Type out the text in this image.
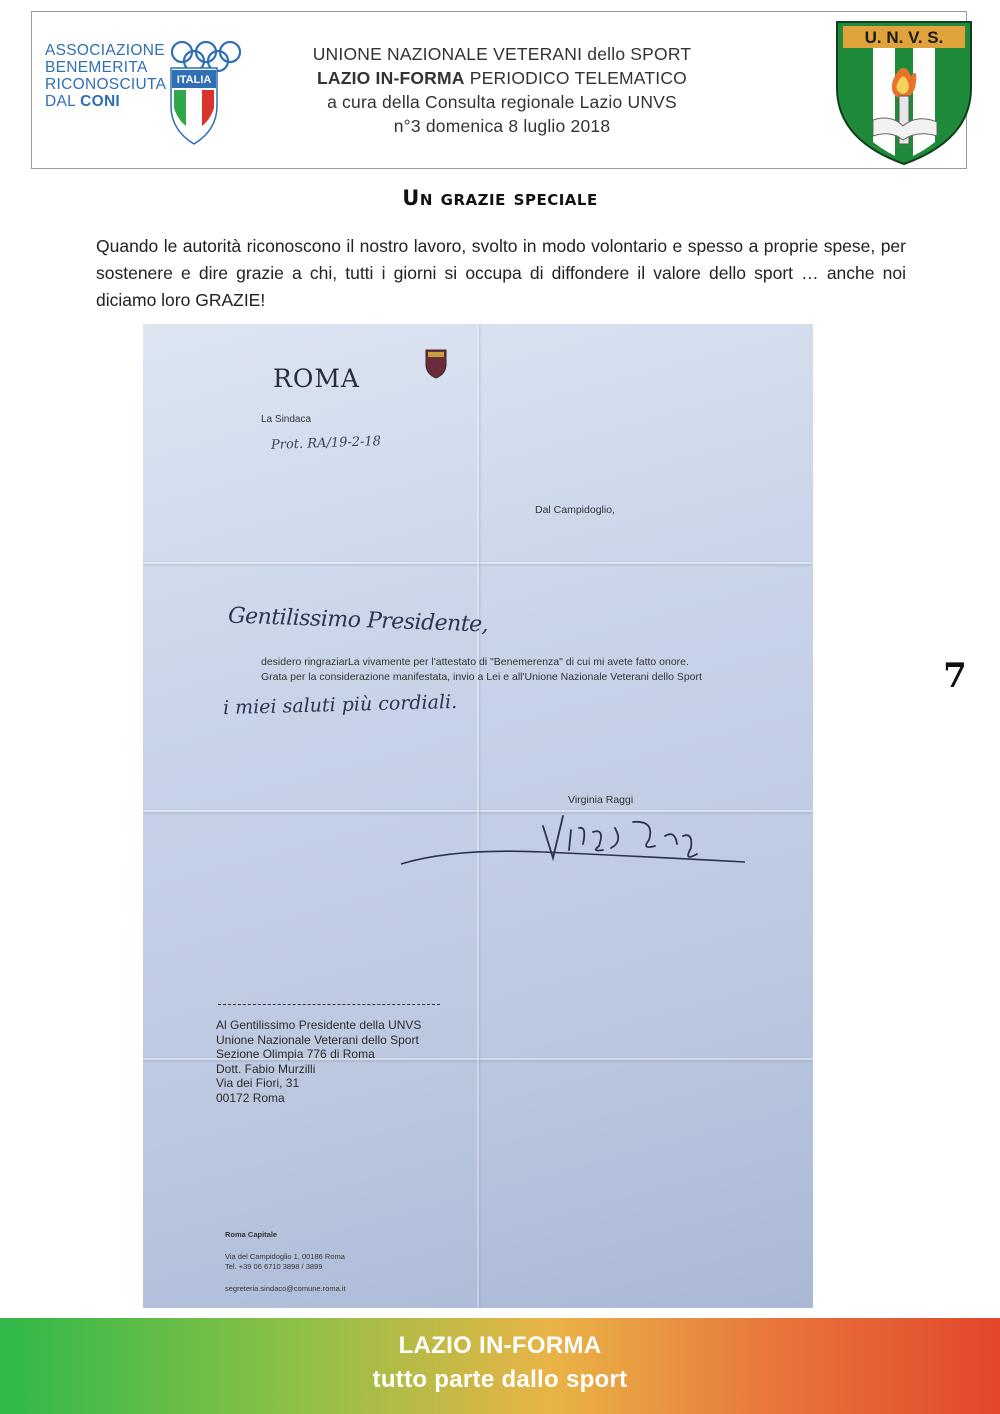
ASSOCIAZIONE
BENEMERITA
RICONOSCIUTA
DAL CONI
ITALIA
UNIONE NAZIONALE VETERANI dello SPORT
LAZIO IN-FORMA PERIODICO TELEMATICO
a cura della Consulta regionale Lazio UNVS
n°3 domenica 8 luglio 2018
U. N. V. S.
Un grazie speciale
Quando le autorità riconoscono il nostro lavoro, svolto in modo volontario e spesso a proprie spese, per sostenere e dire grazie a chi, tutti i giorni si occupa di diffondere il valore dello sport … anche noi diciamo loro GRAZIE!
ROMA
La Sindaca
Prot. RA/19-2-18
Dal Campidoglio,
Gentilissimo Presidente,
desidero ringraziarLa vivamente per l'attestato di "Benemerenza" di cui mi avete fatto onore.
Grata per la considerazione manifestata, invio a Lei e all'Unione Nazionale Veterani dello Sport
i miei saluti più cordiali.
Virginia Raggi
Al Gentilissimo Presidente della UNVS
Unione Nazionale Veterani dello Sport
Sezione Olimpia 776 di Roma
Dott. Fabio Murzilli
Via dei Fiori, 31
00172 Roma
Roma Capitale
Via del Campidoglio 1, 00186 Roma
Tel. +39 06 6710 3898 / 3899
segreteria.sindaco@comune.roma.it
7
LAZIO IN-FORMA
tutto parte dallo sport
